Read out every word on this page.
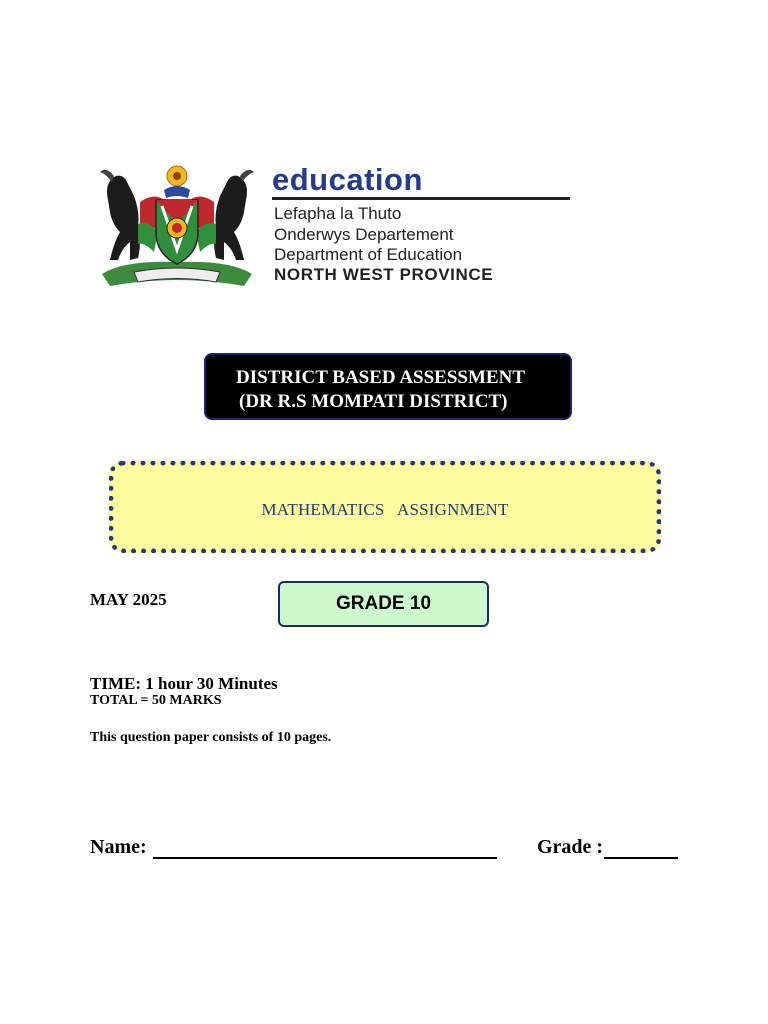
education
Lefapha la Thuto
Onderwys Departement
Department of Education
NORTH WEST PROVINCE
DISTRICT BASED ASSESSMENT
(DR R.S MOMPATI DISTRICT)
MATHEMATICS   ASSIGNMENT
MAY 2025	GRADE 10
TIME: 1 hour 30 Minutes
TOTAL = 50 MARKS
This question paper consists of 10 pages.
Name:	Grade :
